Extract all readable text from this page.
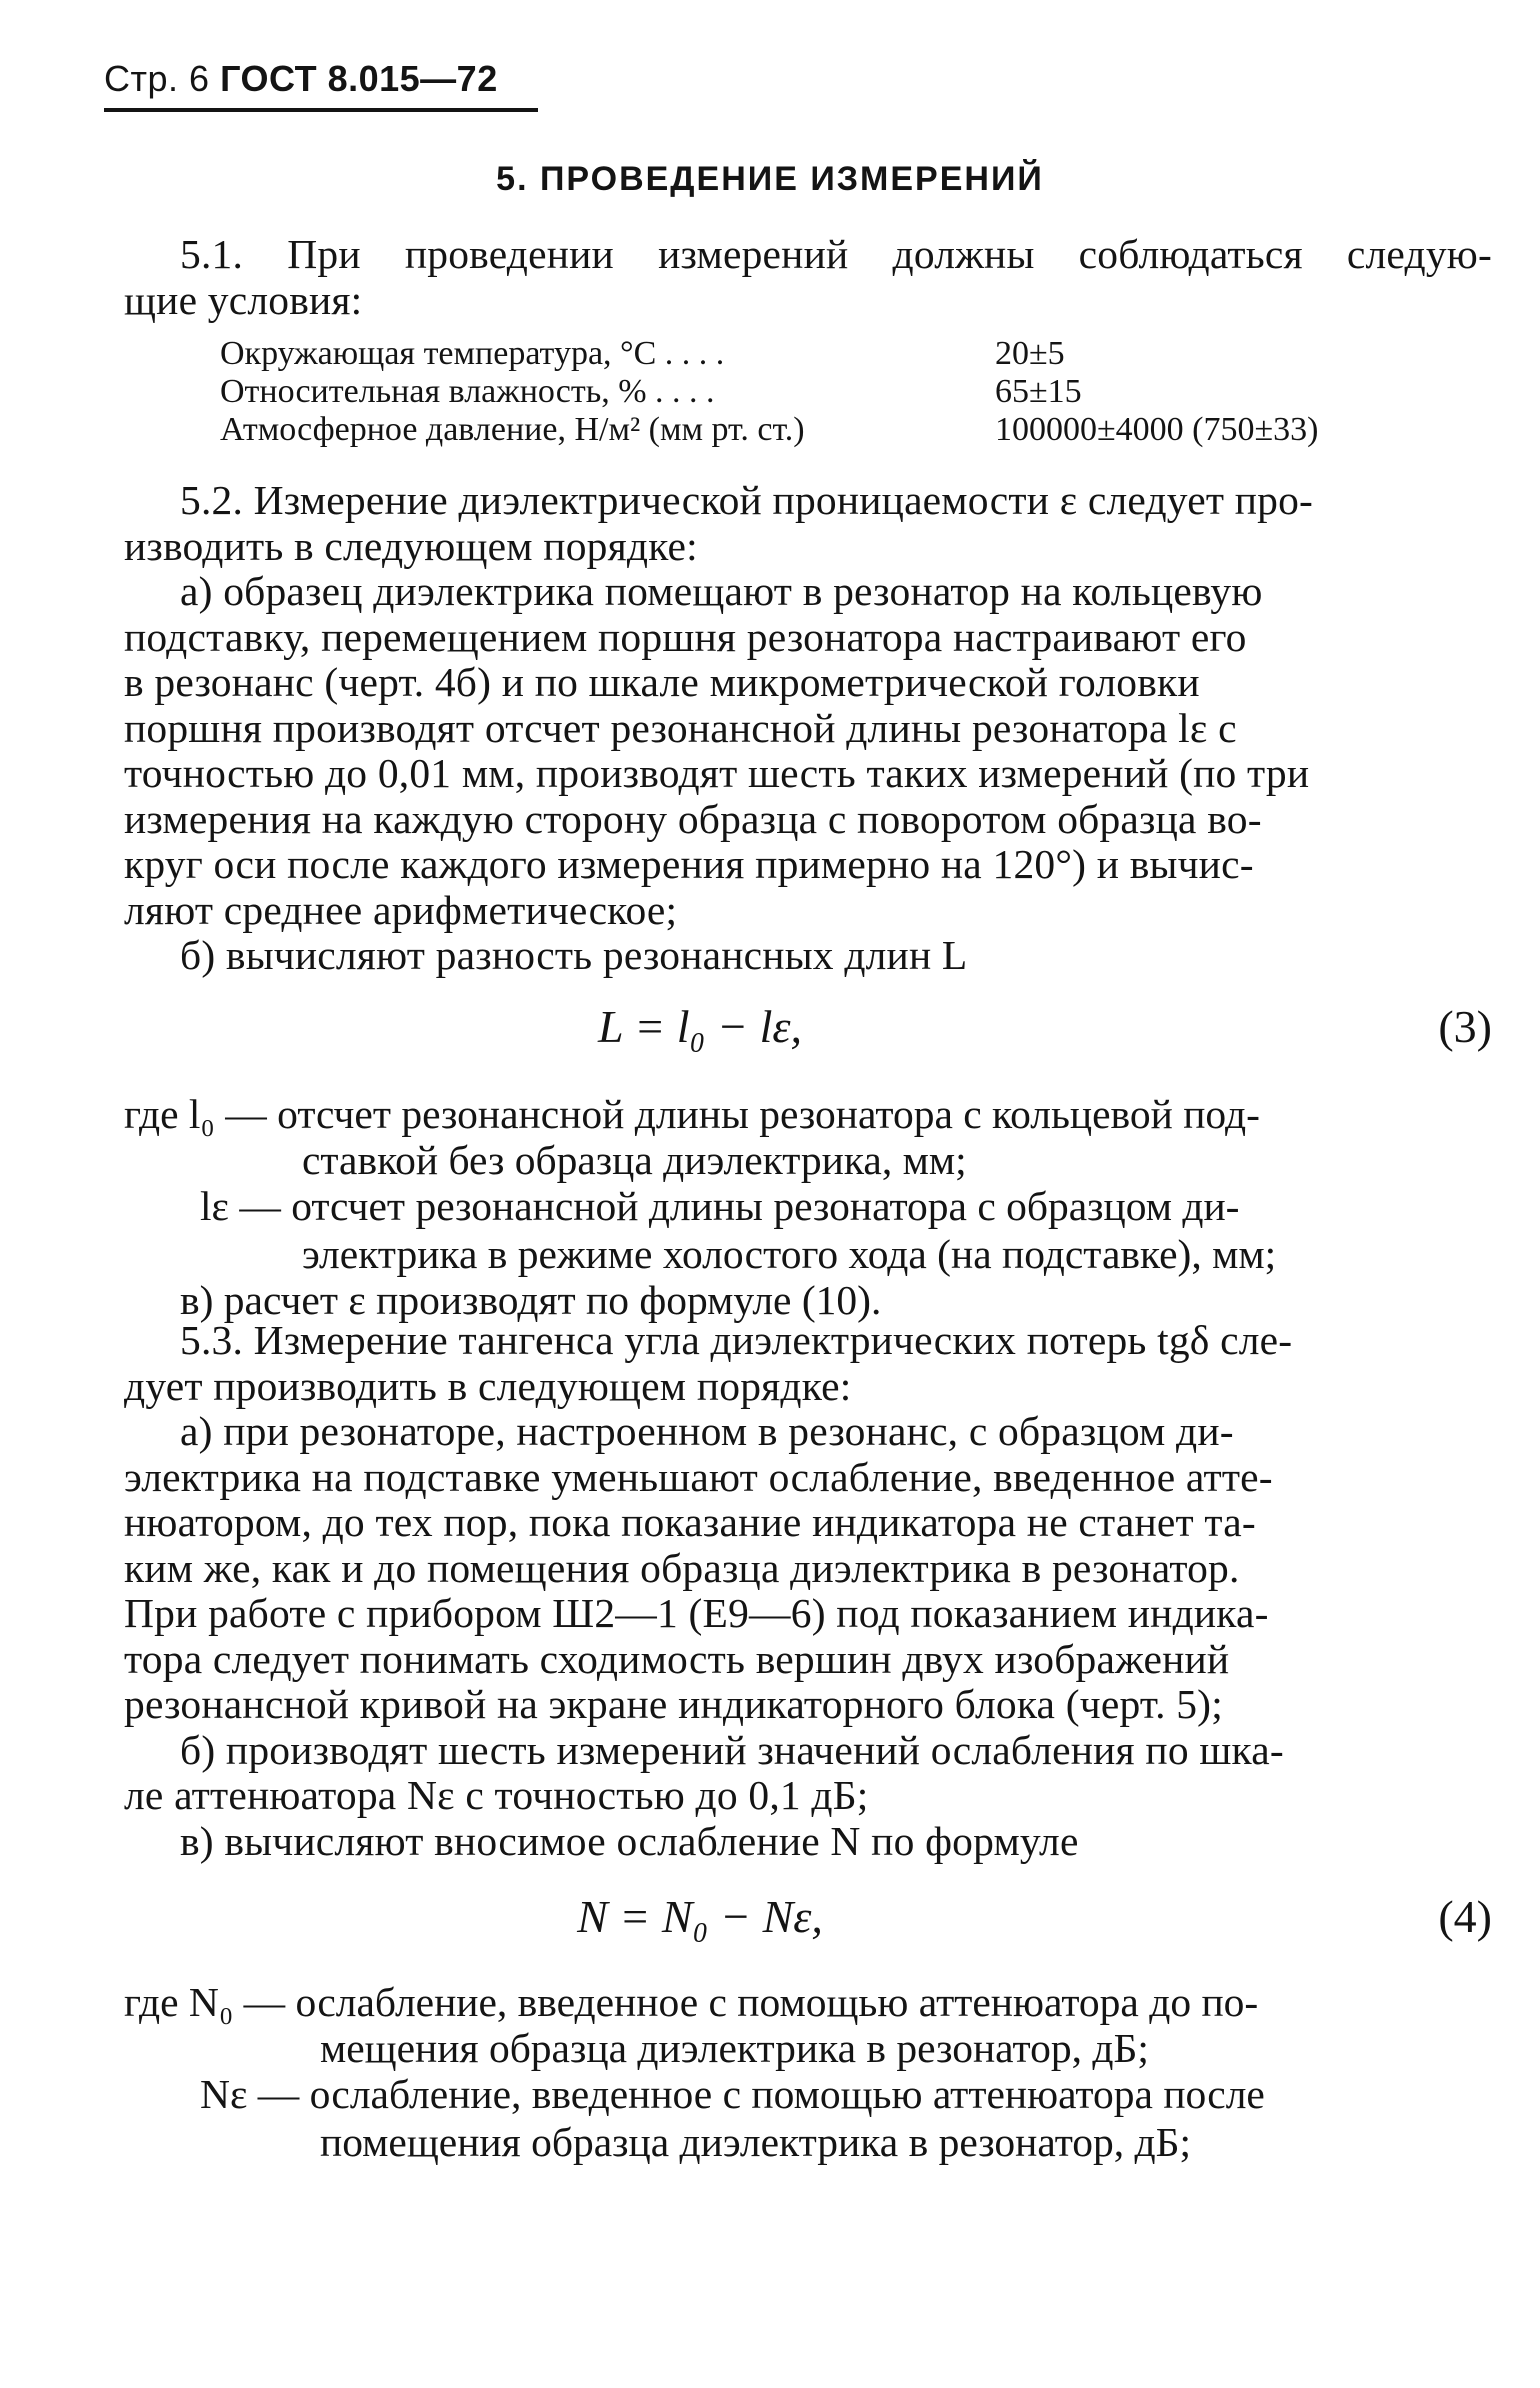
Стр. 6 ГОСТ 8.015—72
5. ПРОВЕДЕНИЕ ИЗМЕРЕНИЙ
5.1. При проведении измерений должны соблюдаться следую-
щие условия:
Окружающая температура, °С . . . .	20±5
Относительная влажность, % . . . .	65±15
Атмосферное давление, Н/м² (мм рт. ст.)	100000±4000 (750±33)
5.2. Измерение диэлектрической проницаемости ε следует про-
изводить в следующем порядке:
а) образец диэлектрика помещают в резонатор на кольцевую
подставку, перемещением поршня резонатора настраивают его
в резонанс (черт. 4б) и по шкале микрометрической головки
поршня производят отсчет резонансной длины резонатора lε с
точностью до 0,01 мм, производят шесть таких измерений (по три
измерения на каждую сторону образца с поворотом образца во-
круг оси после каждого измерения примерно на 120°) и вычис-
ляют среднее арифметическое;
б) вычисляют разность резонансных длин L
L = l₀ − lε,	(3)
где l₀ — отсчет резонансной длины резонатора с кольцевой под-
ставкой без образца диэлектрика, мм;
lε — отсчет резонансной длины резонатора с образцом ди-
электрика в режиме холостого хода (на подставке), мм;
в) расчет ε производят по формуле (10).
5.3. Измерение тангенса угла диэлектрических потерь tgδ сле-
дует производить в следующем порядке:
а) при резонаторе, настроенном в резонанс, с образцом ди-
электрика на подставке уменьшают ослабление, введенное атте-
нюатором, до тех пор, пока показание индикатора не станет та-
ким же, как и до помещения образца диэлектрика в резонатор.
При работе с прибором Ш2—1 (Е9—6) под показанием индика-
тора следует понимать сходимость вершин двух изображений
резонансной кривой на экране индикаторного блока (черт. 5);
б) производят шесть измерений значений ослабления по шка-
ле аттенюатора Nε с точностью до 0,1 дБ;
в) вычисляют вносимое ослабление N по формуле
N = N₀ − Nε,	(4)
где N₀ — ослабление, введенное с помощью аттенюатора до по-
мещения образца диэлектрика в резонатор, дБ;
Nε — ослабление, введенное с помощью аттенюатора после
помещения образца диэлектрика в резонатор, дБ;
